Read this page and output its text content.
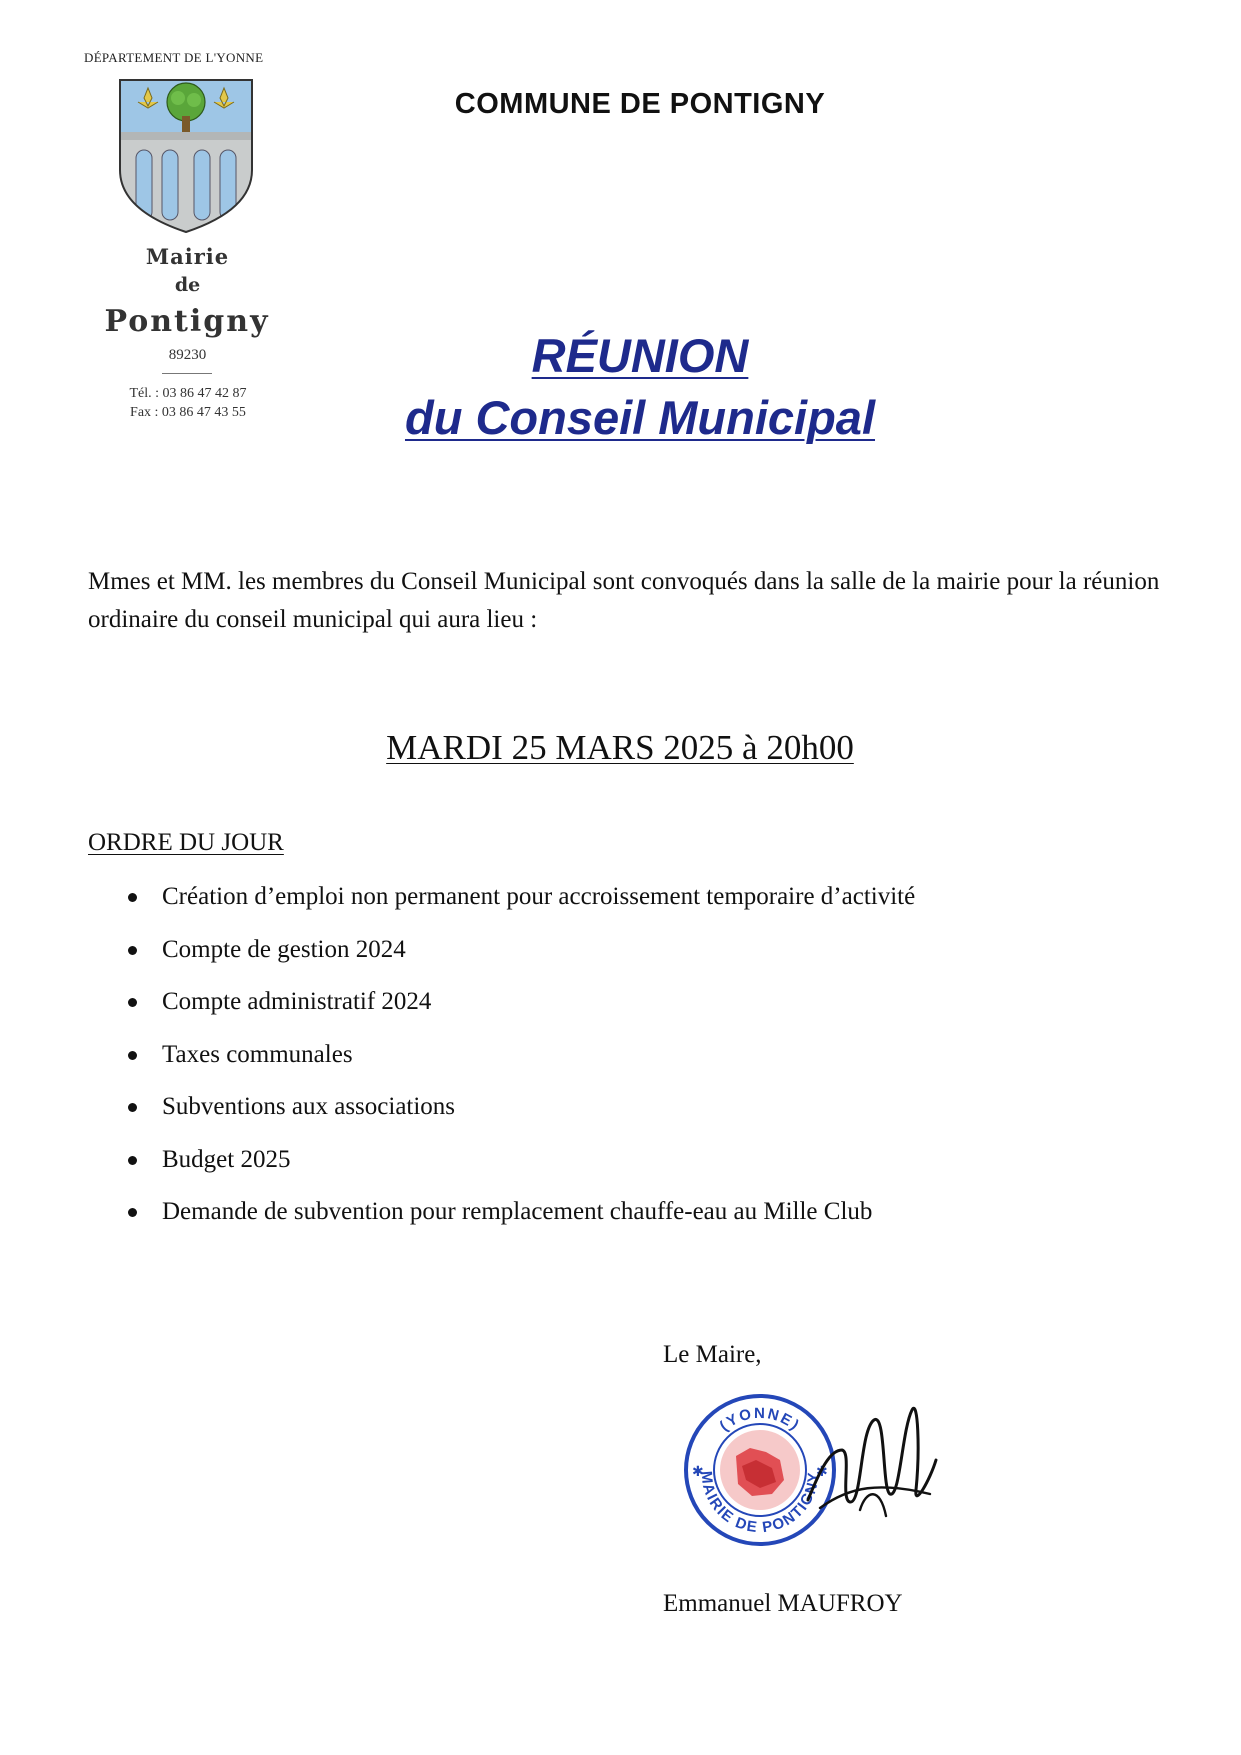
DÉPARTEMENT DE L'YONNE
Mairie
de
Pontigny
89230
Tél. : 03 86 47 42 87
Fax : 03 86 47 43 55
COMMUNE DE PONTIGNY
RÉUNION
du Conseil Municipal
Mmes et MM. les membres du Conseil Municipal sont convoqués dans la salle de la mairie pour la réunion ordinaire du conseil municipal qui aura lieu :
MARDI 25 MARS 2025 à 20h00
ORDRE DU JOUR
Création d’emploi non permanent pour accroissement temporaire d’activité
Compte de gestion 2024
Compte administratif 2024
Taxes communales
Subventions aux associations
Budget 2025
Demande de subvention pour remplacement chauffe-eau au Mille Club
Le Maire,
(YONNE)
MAIRIE DE PONTIGNY
✱	✱
Emmanuel MAUFROY
